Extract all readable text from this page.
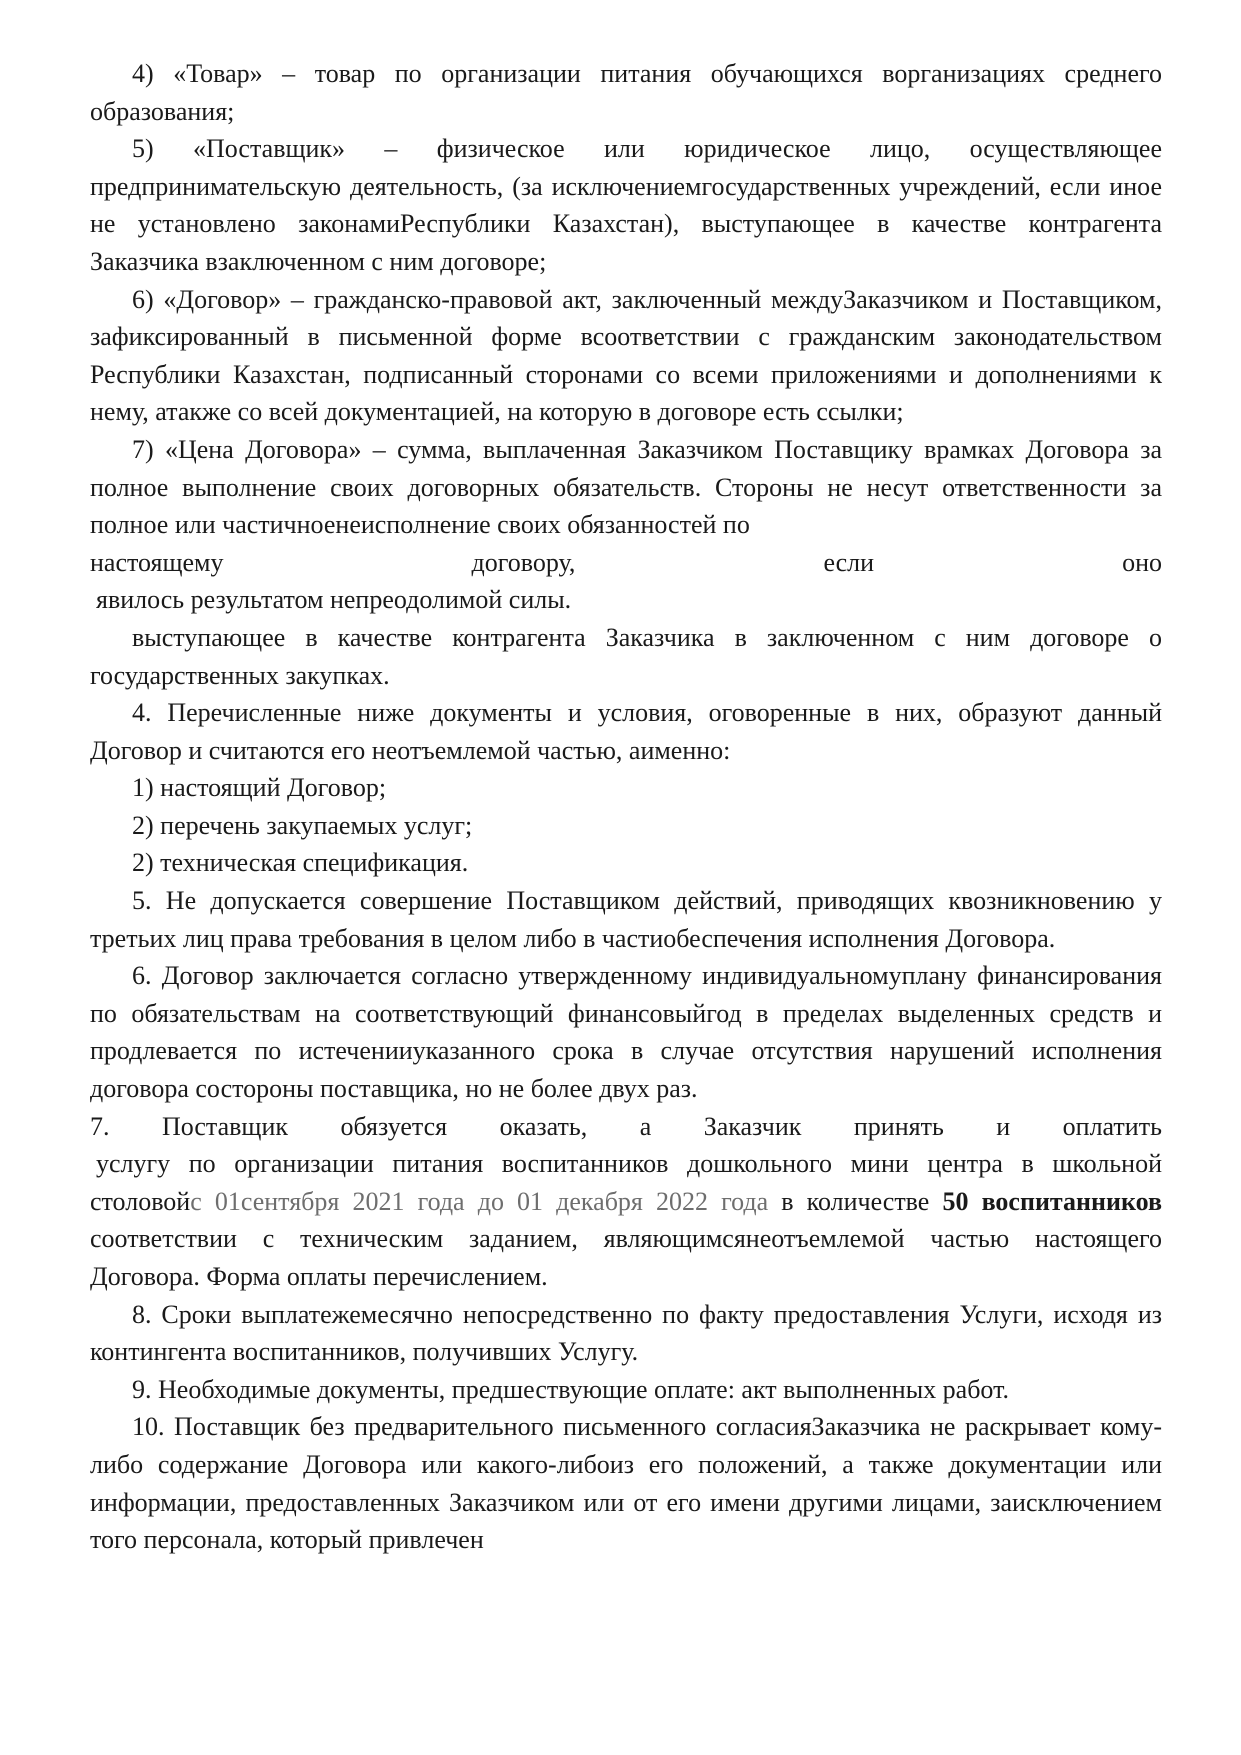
4) «Товар» – товар по организации питания обучающихся ворганизациях среднего образования;

5) «Поставщик» – физическое или юридическое лицо, осуществляющее предпринимательскую деятельность, (за исключениемгосударственных учреждений, если иное не установлено законамиРеспублики Казахстан), выступающее в качестве контрагента Заказчика взаключенном с ним договоре;

6) «Договор» – гражданско-правовой акт, заключенный междуЗаказчиком и Поставщиком, зафиксированный в письменной форме всоответствии с гражданским законодательством Республики Казахстан, подписанный сторонами со всеми приложениями и дополнениями к нему, атакже со всей документацией, на которую в договоре есть ссылки;

7) «Цена Договора» – сумма, выплаченная Заказчиком Поставщику врамках Договора за полное выполнение своих договорных обязательств. Стороны не несут ответственности за полное или частичноенеисполнение своих обязанностей по

настоящему	договору,	если	оно

явилось результатом непреодолимой силы.

выступающее в качестве контрагента Заказчика в заключенном с ним договоре о государственных закупках.

4. Перечисленные ниже документы и условия, оговоренные в них, образуют данный Договор и считаются его неотъемлемой частью, аименно:

1) настоящий Договор;

2) перечень закупаемых услуг;

2) техническая спецификация.

5. Не допускается совершение Поставщиком действий, приводящих квозникновению у третьих лиц права требования в целом либо в частиобеспечения исполнения Договора.

6. Договор заключается согласно утвержденному индивидуальномуплану финансирования по обязательствам на соответствующий финансовыйгод в пределах выделенных средств и продлевается по истеченииуказанного срока в случае отсутствия нарушений исполнения договора состороны поставщика, но не более двух раз.

7. Поставщик обязуется оказать, а Заказчик принять и оплатить

услугу по организации питания воспитанников дошкольного мини центра в школьной столовойс 01сентября 2021 года до 01 декабря 2022 года в количестве 50 воспитанников соответствии с техническим заданием, являющимсянеотъемлемой частью настоящего Договора. Форма оплаты перечислением.

8. Сроки выплатежемесячно непосредственно по факту предоставления Услуги, исходя из контингента воспитанников, получивших Услугу.

9. Необходимые документы, предшествующие оплате: акт выполненных работ.

10. Поставщик без предварительного письменного согласияЗаказчика не раскрывает кому-либо содержание Договора или какого-либоиз его положений, а также документации или информации, предоставленных Заказчиком или от его имени другими лицами, заисключением того персонала, который привлечен
